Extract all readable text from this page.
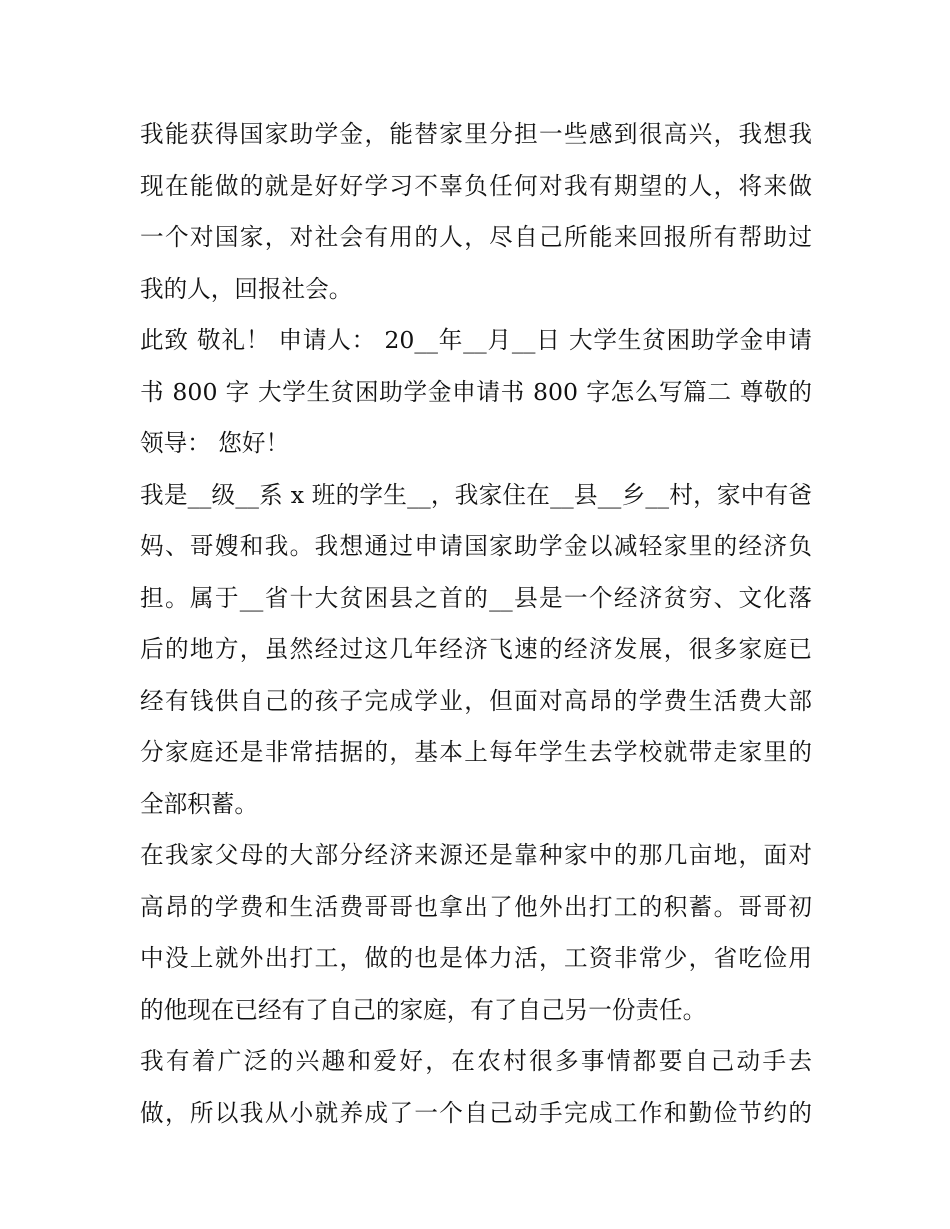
我能获得国家助学金，能替家里分担一些感到很高兴，我想我
现在能做的就是好好学习不辜负任何对我有期望的人，将来做
一个对国家，对社会有用的人，尽自己所能来回报所有帮助过
我的人，回报社会。
此致 敬礼！ 申请人： 20__年__月__日 大学生贫困助学金申请
书 800 字 大学生贫困助学金申请书 800 字怎么写篇二 尊敬的
领导： 您好！
我是__级__系 x 班的学生__，我家住在__县__乡__村，家中有爸
妈、哥嫂和我。我想通过申请国家助学金以减轻家里的经济负
担。属于__省十大贫困县之首的__县是一个经济贫穷、文化落
后的地方，虽然经过这几年经济飞速的经济发展，很多家庭已
经有钱供自己的孩子完成学业，但面对高昂的学费生活费大部
分家庭还是非常拮据的，基本上每年学生去学校就带走家里的
全部积蓄。
在我家父母的大部分经济来源还是靠种家中的那几亩地，面对
高昂的学费和生活费哥哥也拿出了他外出打工的积蓄。哥哥初
中没上就外出打工，做的也是体力活，工资非常少，省吃俭用
的他现在已经有了自己的家庭，有了自己另一份责任。
我有着广泛的兴趣和爱好，在农村很多事情都要自己动手去
做，所以我从小就养成了一个自己动手完成工作和勤俭节约的
